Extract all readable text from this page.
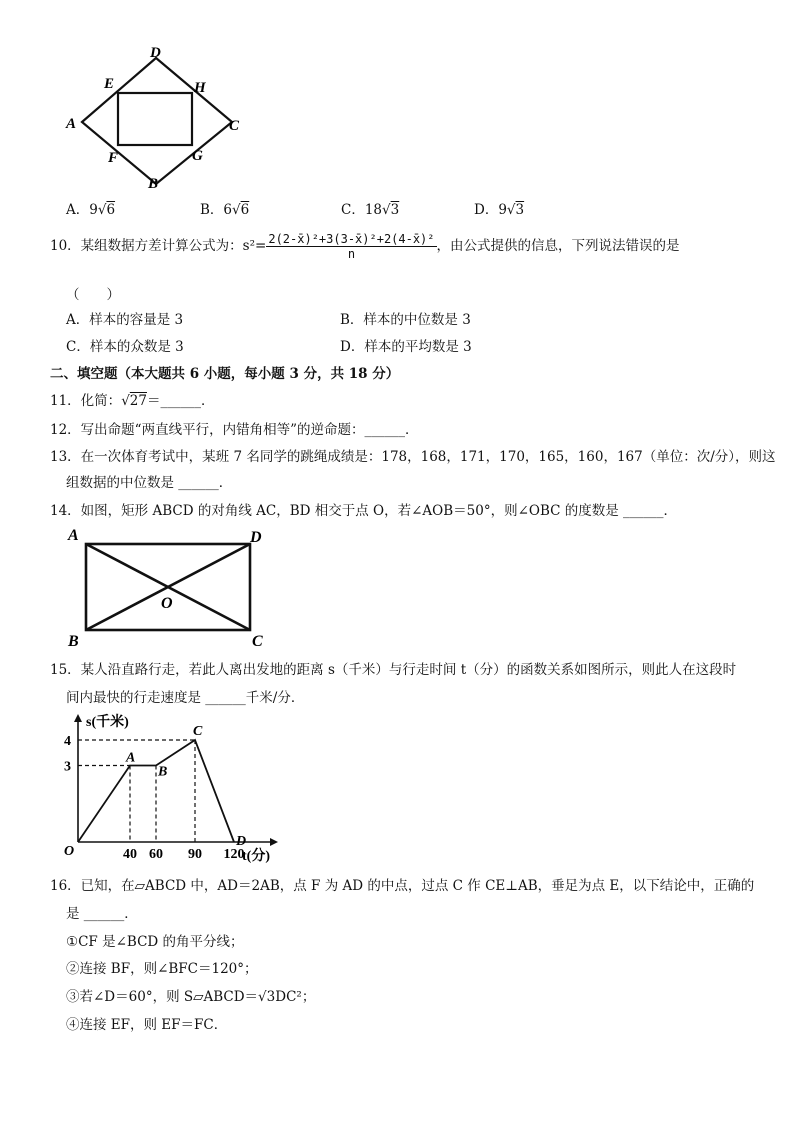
D
E	H
A	C
F	G
B
A．9√6	B．6√6	C．18√3	D．9√3
10．某组数据方差计算公式为：$s^2= \frac{\text{2(2-x̄)²+3(3-x̄)²+2(4-x̄)²}}{n}$ ，由公式提供的信息，下列说法错误的是
（　　）
A．样本的容量是 3	B．样本的中位数是 3
C．样本的众数是 3	D．样本的平均数是 3
二、填空题（本大题共 6 小题，每小题 3 分，共 18 分）
11．化简：√27＝______．
12．写出命题“两直线平行，内错角相等”的逆命题：______．
13．在一次体育考试中，某班 7 名同学的跳绳成绩是：178，168，171，170，165，160，167（单位：次/分），则这
组数据的中位数是 ______．
14．如图，矩形 ABCD 的对角线 AC，BD 相交于点 O，若∠AOB＝50°，则∠OBC 的度数是 ______．
A	D
O
B	C
15．某人沿直路行走，若此人离出发地的距离 s（千米）与行走时间 t（分）的函数关系如图所示，则此人在这段时
间内最快的行走速度是 ______千米/分．
s(千米)
t(分)
O	40 60 90 120
3
4
A
B
C
D
16．已知，在▱ABCD 中，AD＝2AB，点 F 为 AD 的中点，过点 C 作 CE⊥AB，垂足为点 E，以下结论中，正确的
是 ______．
①CF 是∠BCD 的角平分线；
②连接 BF，则∠BFC＝120°；
③若∠D＝60°，则 S▱ABCD＝√3DC²；
④连接 EF，则 EF＝FC．
